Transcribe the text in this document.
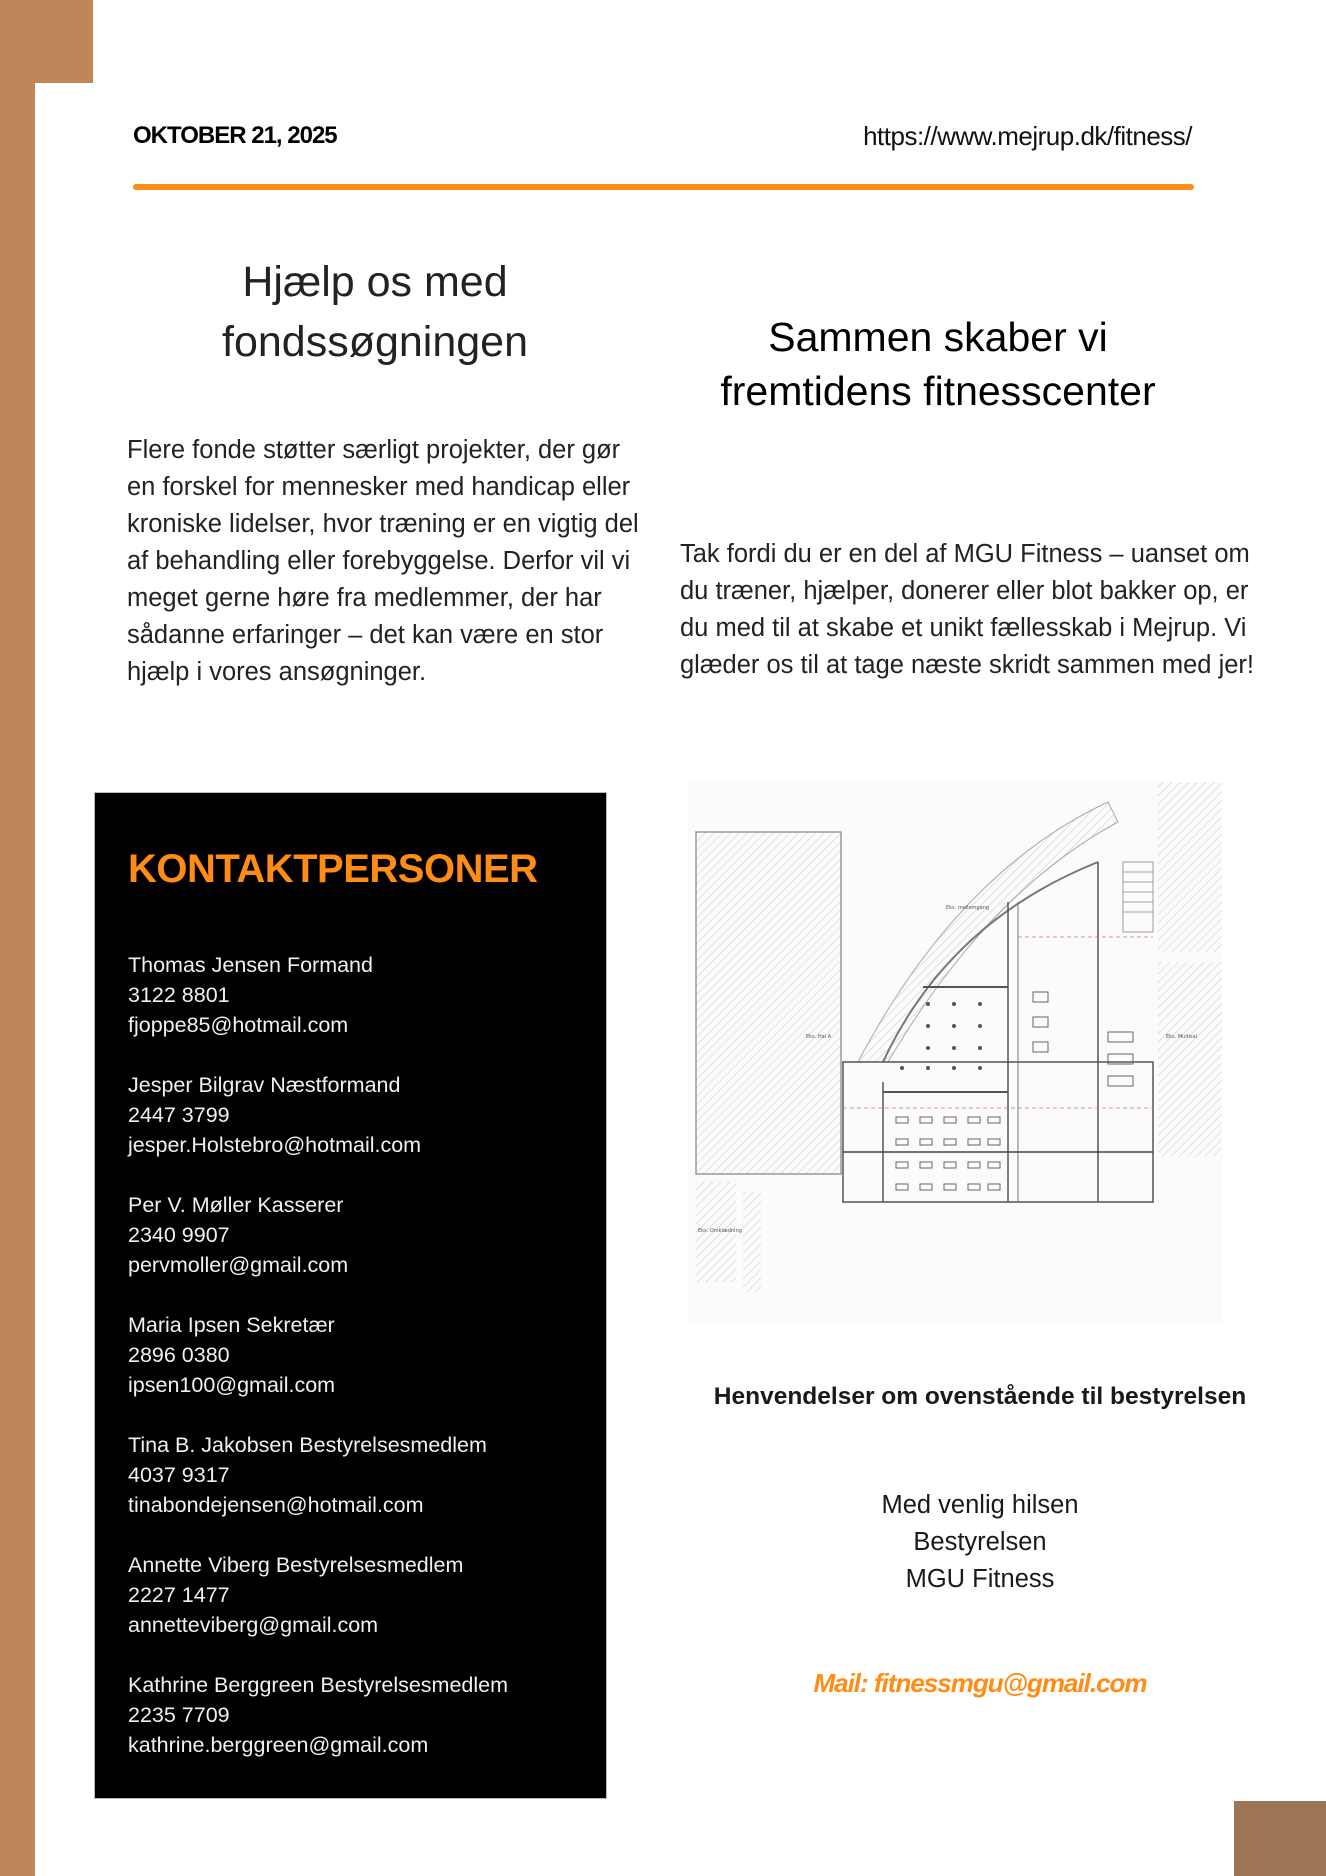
OKTOBER 21, 2025	https://www.mejrup.dk/fitness/
Hjælp os med fondssøgningen
Flere fonde støtter særligt projekter, der gør en forskel for mennesker med handicap eller kroniske lidelser, hvor træning er en vigtig del af behandling eller forebyggelse. Derfor vil vi meget gerne høre fra medlemmer, der har sådanne erfaringer – det kan være en stor hjælp i vores ansøgninger.
Sammen skaber vi fremtidens fitnesscenter
Tak fordi du er en del af MGU Fitness – uanset om du træner, hjælper, donerer eller blot bakker op, er du med til at skabe et unikt fællesskab i Mejrup. Vi glæder os til at tage næste skridt sammen med jer!
KONTAKTPERSONER
Thomas Jensen Formand
3122 8801
fjoppe85@hotmail.com
Jesper Bilgrav Næstformand
2447 3799
jesper.Holstebro@hotmail.com
Per V. Møller Kasserer
2340 9907
pervmoller@gmail.com
Maria Ipsen Sekretær
2896 0380
ipsen100@gmail.com
Tina B. Jakobsen Bestyrelsesmedlem
4037 9317
tinabondejensen@hotmail.com
Annette Viberg Bestyrelsesmedlem
2227 1477
annetteviberg@gmail.com
Kathrine Berggreen Bestyrelsesmedlem
2235 7709
kathrine.berggreen@gmail.com
Eks. Hal A
Eks. mellemgang
Eks. Multisal
Eks. Omklædning
Henvendelser om ovenstående til bestyrelsen
Med venlig hilsen
Bestyrelsen
MGU Fitness
Mail: fitnessmgu@gmail.com
